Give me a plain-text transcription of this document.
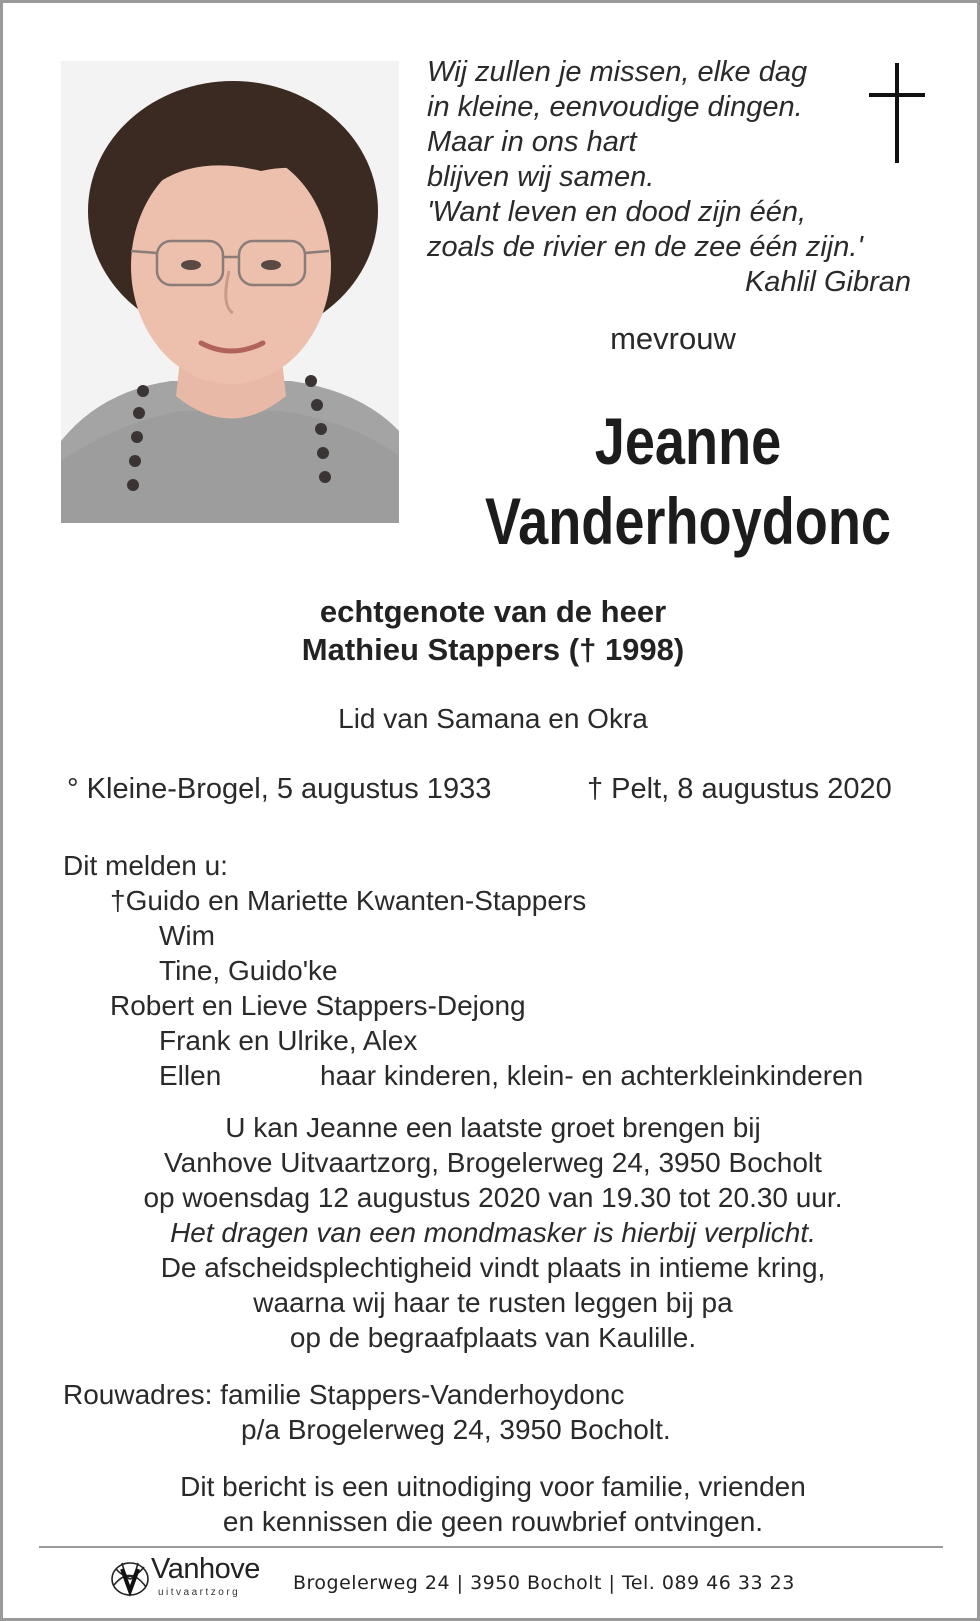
Wij zullen je missen, elke dag
in kleine, eenvoudige dingen.
Maar in ons hart
blijven wij samen.
'Want leven en dood zijn één,
zoals de rivier en de zee één zijn.'
Kahlil Gibran
mevrouw
Jeanne
Vanderhoydonc
echtgenote van de heer
Mathieu Stappers († 1998)
Lid van Samana en Okra
° Kleine-Brogel, 5 augustus 1933	† Pelt, 8 augustus 2020
Dit melden u:
†Guido en Mariette Kwanten-Stappers
Wim
Tine, Guido'ke
Robert en Lieve Stappers-Dejong
Frank en Ulrike, Alex
Ellen	haar kinderen, klein- en achterkleinkinderen
U kan Jeanne een laatste groet brengen bij
Vanhove Uitvaartzorg, Brogelerweg 24, 3950 Bocholt
op woensdag 12 augustus 2020 van 19.30 tot 20.30 uur.
Het dragen van een mondmasker is hierbij verplicht.
De afscheidsplechtigheid vindt plaats in intieme kring,
waarna wij haar te rusten leggen bij pa
op de begraafplaats van Kaulille.
Rouwadres: familie Stappers-Vanderhoydonc
p/a Brogelerweg 24, 3950 Bocholt.
Dit bericht is een uitnodiging voor familie, vrienden
en kennissen die geen rouwbrief ontvingen.
Vanhove
uitvaartzorg	Brogelerweg 24 | 3950 Bocholt | Tel. 089 46 33 23
